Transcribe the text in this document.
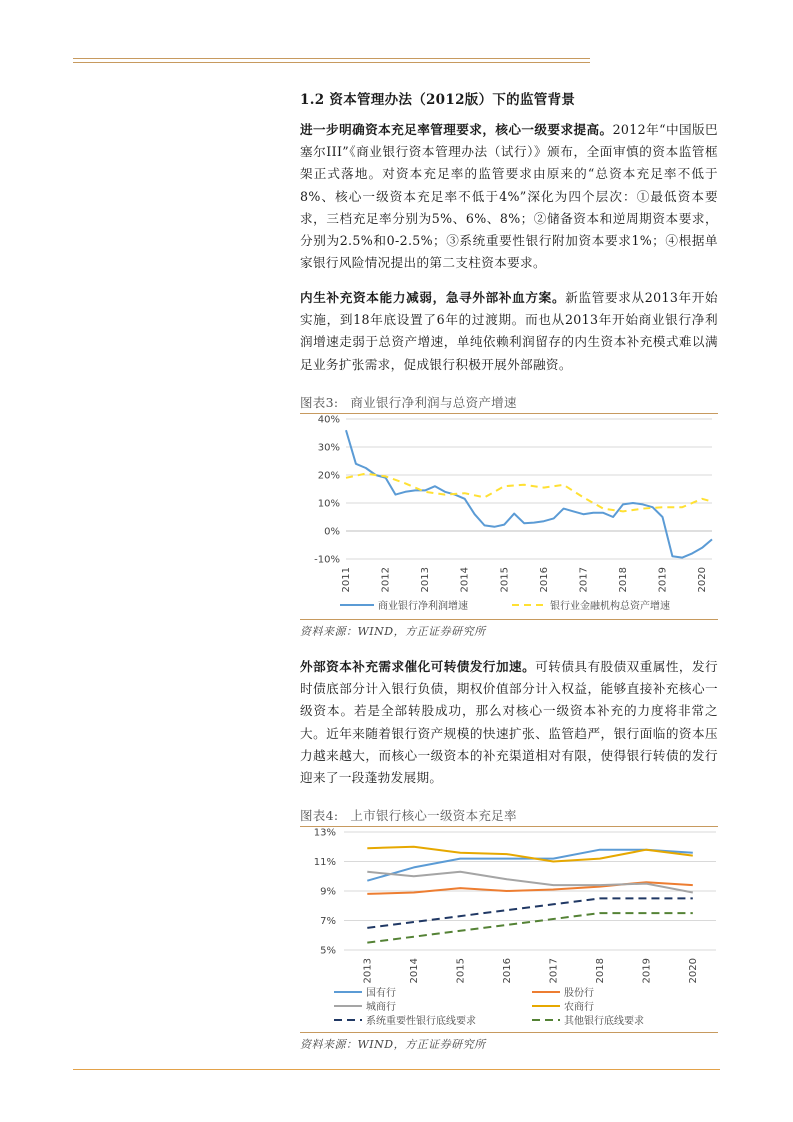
1.2 资本管理办法（2012版）下的监管背景
进一步明确资本充足率管理要求，核心一级要求提高。2012年“中国版巴塞尔III”《商业银行资本管理办法（试行）》颁布，全面审慎的资本监管框架正式落地。对资本充足率的监管要求由原来的“总资本充足率不低于8%、核心一级资本充足率不低于4%”深化为四个层次：①最低资本要求，三档充足率分别为5%、6%、8%；②储备资本和逆周期资本要求，分别为2.5%和0-2.5%；③系统重要性银行附加资本要求1%；④根据单家银行风险情况提出的第二支柱资本要求。
内生补充资本能力减弱，急寻外部补血方案。新监管要求从2013年开始实施，到18年底设置了6年的过渡期。而也从2013年开始商业银行净利润增速走弱于总资产增速，单纯依赖利润留存的内生资本补充模式难以满足业务扩张需求，促成银行积极开展外部融资。
图表3: 商业银行净利润与总资产增速
-10%
0%
10%
20%
30%
40%
2011	2012	2013	2014	2015	2016	2017	2018	2019	2020
商业银行净利润增速	银行业金融机构总资产增速
资料来源：WIND，方正证券研究所
外部资本补充需求催化可转债发行加速。可转债具有股债双重属性，发行时债底部分计入银行负债，期权价值部分计入权益，能够直接补充核心一级资本。若是全部转股成功，那么对核心一级资本补充的力度将非常之大。近年来随着银行资产规模的快速扩张、监管趋严，银行面临的资本压力越来越大，而核心一级资本的补充渠道相对有限，使得银行转债的发行迎来了一段蓬勃发展期。
图表4: 上市银行核心一级资本充足率
5%
7%
9%
11%
13%
2013	2014	2015	2016	2017	2018	2019	2020
国有行	股份行
城商行	农商行
系统重要性银行底线要求	其他银行底线要求
资料来源：WIND，方正证券研究所
